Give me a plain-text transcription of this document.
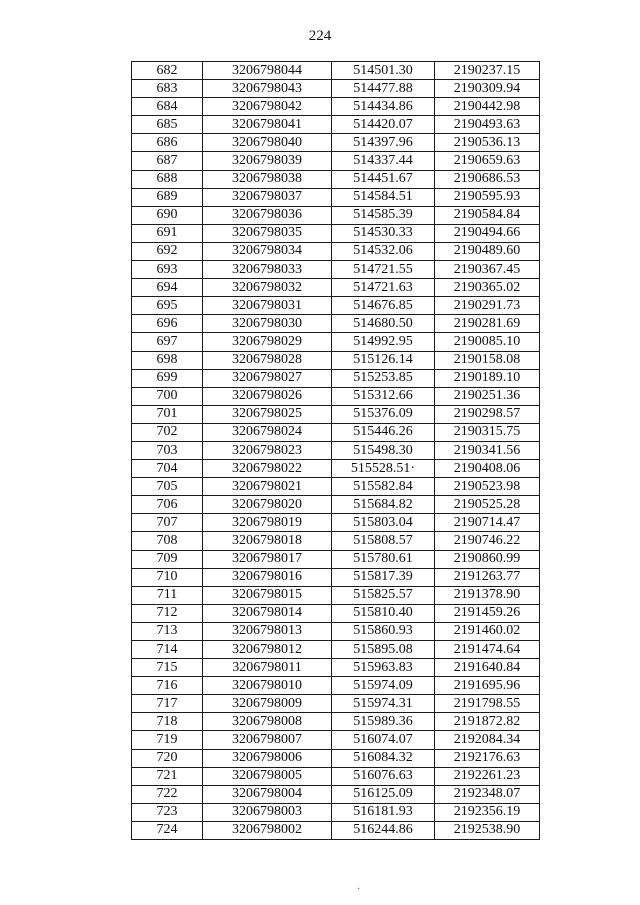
224
682	3206798044	514501.30	2190237.15
683	3206798043	514477.88	2190309.94
684	3206798042	514434.86	2190442.98
685	3206798041	514420.07	2190493.63
686	3206798040	514397.96	2190536.13
687	3206798039	514337.44	2190659.63
688	3206798038	514451.67	2190686.53
689	3206798037	514584.51	2190595.93
690	3206798036	514585.39	2190584.84
691	3206798035	514530.33	2190494.66
692	3206798034	514532.06	2190489.60
693	3206798033	514721.55	2190367.45
694	3206798032	514721.63	2190365.02
695	3206798031	514676.85	2190291.73
696	3206798030	514680.50	2190281.69
697	3206798029	514992.95	2190085.10
698	3206798028	515126.14	2190158.08
699	3206798027	515253.85	2190189.10
700	3206798026	515312.66	2190251.36
701	3206798025	515376.09	2190298.57
702	3206798024	515446.26	2190315.75
703	3206798023	515498.30	2190341.56
704	3206798022	515528.51·	2190408.06
705	3206798021	515582.84	2190523.98
706	3206798020	515684.82	2190525.28
707	3206798019	515803.04	2190714.47
708	3206798018	515808.57	2190746.22
709	3206798017	515780.61	2190860.99
710	3206798016	515817.39	2191263.77
711	3206798015	515825.57	2191378.90
712	3206798014	515810.40	2191459.26
713	3206798013	515860.93	2191460.02
714	3206798012	515895.08	2191474.64
715	3206798011	515963.83	2191640.84
716	3206798010	515974.09	2191695.96
717	3206798009	515974.31	2191798.55
718	3206798008	515989.36	2191872.82
719	3206798007	516074.07	2192084.34
720	3206798006	516084.32	2192176.63
721	3206798005	516076.63	2192261.23
722	3206798004	516125.09	2192348.07
723	3206798003	516181.93	2192356.19
724	3206798002	516244.86	2192538.90
·
